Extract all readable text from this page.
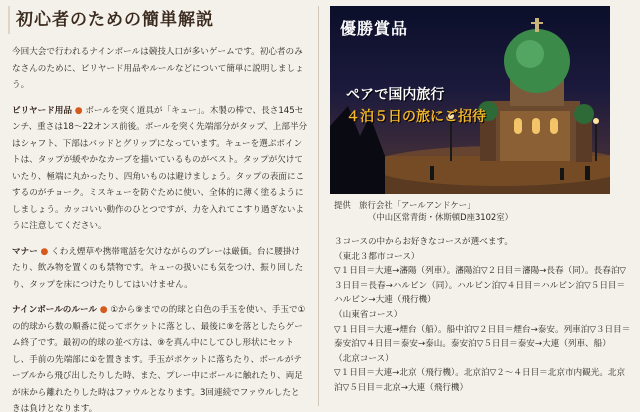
初心者のための簡単解説

今回大会で行われるナインボールは競技人口が多いゲームです。初心者のみなさんのために、ビリヤード用品やルールなどについて簡単に説明しましょう。

ビリヤード用品 ● ボールを突く道具が「キュー」。木製の棒で、長さ145センチ、重さは18〜22オンス前後。ボールを突く先端部分がタップ、上部半分はシャフト、下部はバッドとグリップになっています。キューを選ぶポイントは、タップが緩やかなカーブを描いているものがベスト。タップが欠けていたり、極端に丸かったり、四角いものは避けましょう。タップの表面にこするのがチョーク。ミスキューを防ぐために使い、全体的に薄く塗るようにしましょう。カッコいい動作のひとつですが、力を入れてこすり過ぎないように注意してください。

マナー ● くわえ煙草や携帯電話を欠けながらのプレーは厳価。台に腰掛けたり、飲み物を置くのも禁物です。キューの扱いにも気をつけ、振り回したり、タップを床につけたりしてはいけません。

ナインボールのルール ● ①から⑨までの的球と白色の手玉を使い、手玉で①の的球から数の順番に従ってポケットに落とし、最後に⑨を落としたらゲーム終了です。最初の的球の並べ方は、⑨を真ん中にしてひし形状にセットし、手前の先端部に①を置きます。手玉がポケットに落ちたり、ボールがテーブルから飛び出したりした時、また、プレー中にボールに触れたり、両足が床から離れたりした時はファウルとなります。3回連続でファウルしたときは負けとなります。

優勝賞品
ペアで国内旅行
４泊５日の旅にご招待
提供　旅行会社「アールアンドケー」
（中山区常青街・休斯頓D座3102室）
３コースの中からお好きなコースが選べます。
（東北３都市コース）
▽１日目＝大連→瀋陽（列車）。瀋陽泊▽２日目＝瀋陽→長春（同）。長春泊▽３日目＝長春→ハルビン（同）。ハルビン泊▽４日目＝ハルビン泊▽５日目＝ハルビン→大連（飛行機）
（山東省コース）
▽１日目＝大連→煙台（船）。船中泊▽２日目＝煙台→泰安。列車泊▽３日目＝泰安泊▽４日目＝泰安→泰山。泰安泊▽５日目＝泰安→大連（列車、船）
（北京コース）
▽１日目＝大連→北京（飛行機）。北京泊▽２〜４日目＝北京市内観光。北京泊▽５日目＝北京→大連（飛行機）
